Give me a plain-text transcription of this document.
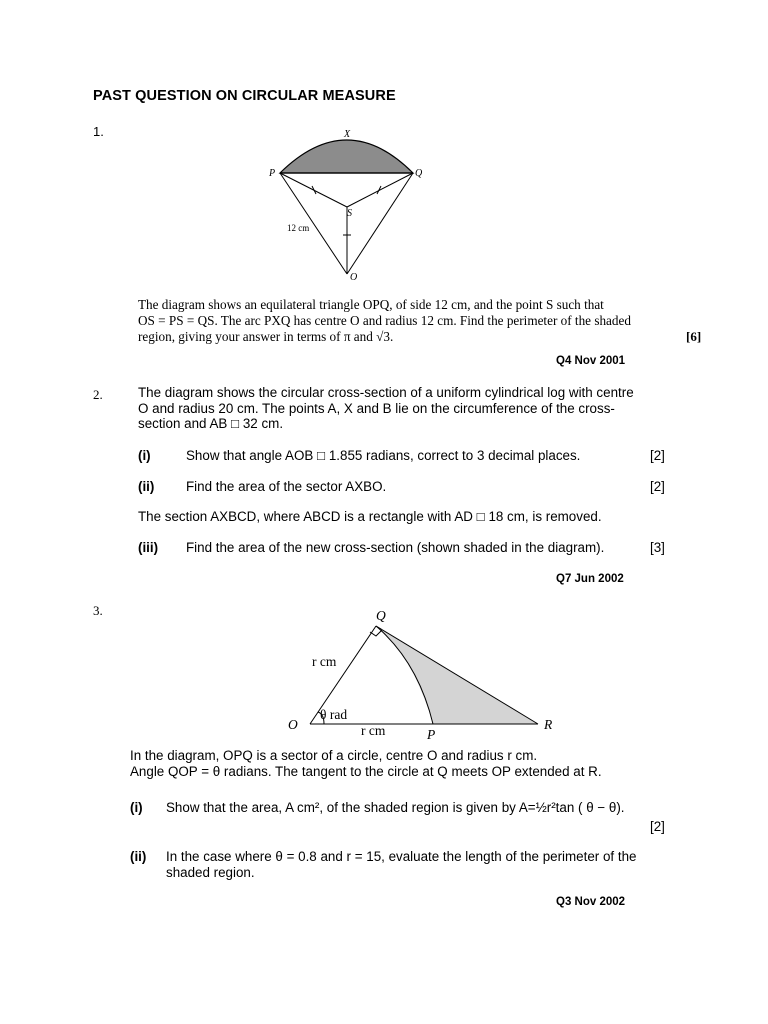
PAST QUESTION ON CIRCULAR MEASURE
1.	X
P	Q
S
O
12 cm
The diagram shows an equilateral triangle OPQ, of side 12 cm, and the point S such that
OS = PS = QS. The arc PXQ has centre O and radius 12 cm. Find the perimeter of the shaded
region, giving your answer in terms of π and √3.	[6]
Q4 Nov 2001
2.	The diagram shows the circular cross-section of a uniform cylindrical log with centre
O and radius 20 cm. The points A, X and B lie on the circumference of the cross-
section and AB □ 32 cm.
(i)	Show that angle AOB □ 1.855 radians, correct to 3 decimal places.	[2]
(ii) Find the area of the sector AXBO.	[2]
The section AXBCD, where ABCD is a rectangle with AD □ 18 cm, is removed.
(iii) Find the area of the new cross-section (shown shaded in the diagram).	[3]
Q7 Jun 2002
3.	Q
O
P
R
r cm
r cm
θ rad
In the diagram, OPQ is a sector of a circle, centre O and radius r cm.
Angle QOP = θ radians. The tangent to the circle at Q meets OP extended at R.
(i) Show that the area, A cm², of the shaded region is given by A=½r²tan ( θ − θ).
[2]
(ii) In the case where θ = 0.8 and r = 15, evaluate the length of the perimeter of the
shaded region.
Q3 Nov 2002
